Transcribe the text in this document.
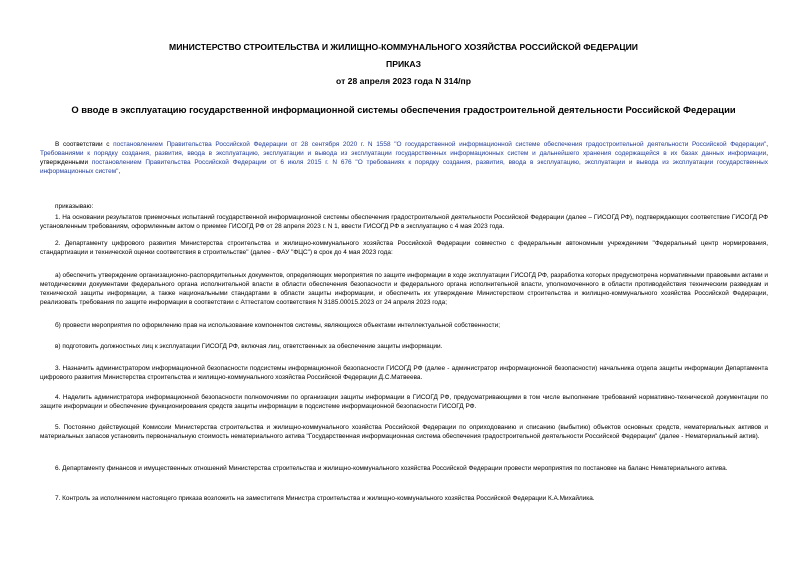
МИНИСТЕРСТВО СТРОИТЕЛЬСТВА И ЖИЛИЩНО-КОММУНАЛЬНОГО ХОЗЯЙСТВА РОССИЙСКОЙ ФЕДЕРАЦИИ

ПРИКАЗ

от 28 апреля 2023 года N 314/пр

О вводе в эксплуатацию государственной информационной системы обеспечения градостроительной деятельности Российской Федерации

В соответствии с постановлением Правительства Российской Федерации от 28 сентября 2020 г. N 1558 "О государственной информационной системе обеспечения градостроительной деятельности Российской Федерации", Требованиями к порядку создания, развития, ввода в эксплуатацию, эксплуатации и вывода из эксплуатации государственных информационных систем и дальнейшего хранения содержащейся в их базах данных информации, утвержденными постановлением Правительства Российской Федерации от 6 июля 2015 г. N 676 "О требованиях к порядку создания, развития, ввода в эксплуатацию, эксплуатации и вывода из эксплуатации государственных информационных систем",

приказываю:

1. На основании результатов приемочных испытаний государственной информационной системы обеспечения градостроительной деятельности Российской Федерации (далее – ГИСОГД РФ), подтверждающих соответствие ГИСОГД РФ установленным требованиям, оформленным актом о приемке ГИСОГД РФ от 28 апреля 2023 г. N 1, ввести ГИСОГД РФ в эксплуатацию с 4 мая 2023 года.

2. Департаменту цифрового развития Министерства строительства и жилищно-коммунального хозяйства Российской Федерации совместно с федеральным автономным учреждением "Федеральный центр нормирования, стандартизации и технической оценки соответствия в строительстве" (далее - ФАУ "ФЦС") в срок до 4 мая 2023 года:

а) обеспечить утверждение организационно-распорядительных документов, определяющих мероприятия по защите информации в ходе эксплуатации ГИСОГД РФ, разработка которых предусмотрена нормативными правовыми актами и методическими документами федерального органа исполнительной власти в области обеспечения безопасности и федерального органа исполнительной власти, уполномоченного в области противодействия техническим разведкам и технической защиты информации, а также национальными стандартами в области защиты информации, и обеспечить их утверждение Министерством строительства и жилищно-коммунального хозяйства Российской Федерации, реализовать требования по защите информации в соответствии с Аттестатом соответствия N 3185.00015.2023 от 24 апреля 2023 года;

б) провести мероприятия по оформлению прав на использование компонентов системы, являющихся объектами интеллектуальной собственности;

в) подготовить должностных лиц к эксплуатации ГИСОГД РФ, включая лиц, ответственных за обеспечение защиты информации.

3. Назначить администратором информационной безопасности подсистемы информационной безопасности ГИСОГД РФ (далее - администратор информационной безопасности) начальника отдела защиты информации Департамента цифрового развития Министерства строительства и жилищно-коммунального хозяйства Российской Федерации Д.С.Матвеева.

4. Наделить администратора информационной безопасности полномочиями по организации защиты информации в ГИСОГД РФ, предусматривающими в том числе выполнение требований нормативно-технической документации по защите информации и обеспечение функционирования средств защиты информации в подсистеме информационной безопасности ГИСОГД РФ.

5. Постоянно действующей Комиссии Министерства строительства и жилищно-коммунального хозяйства Российской Федерации по оприходованию и списанию (выбытию) объектов основных средств, нематериальных активов и материальных запасов установить первоначальную стоимость нематериального актива "Государственная информационная система обеспечения градостроительной деятельности Российской Федерации" (далее - Нематериальный актив).

6. Департаменту финансов и имущественных отношений Министерства строительства и жилищно-коммунального хозяйства Российской Федерации провести мероприятия по постановке на баланс Нематериального актива.

7. Контроль за исполнением настоящего приказа возложить на заместителя Министра строительства и жилищно-коммунального хозяйства Российской Федерации К.А.Михайлика.
